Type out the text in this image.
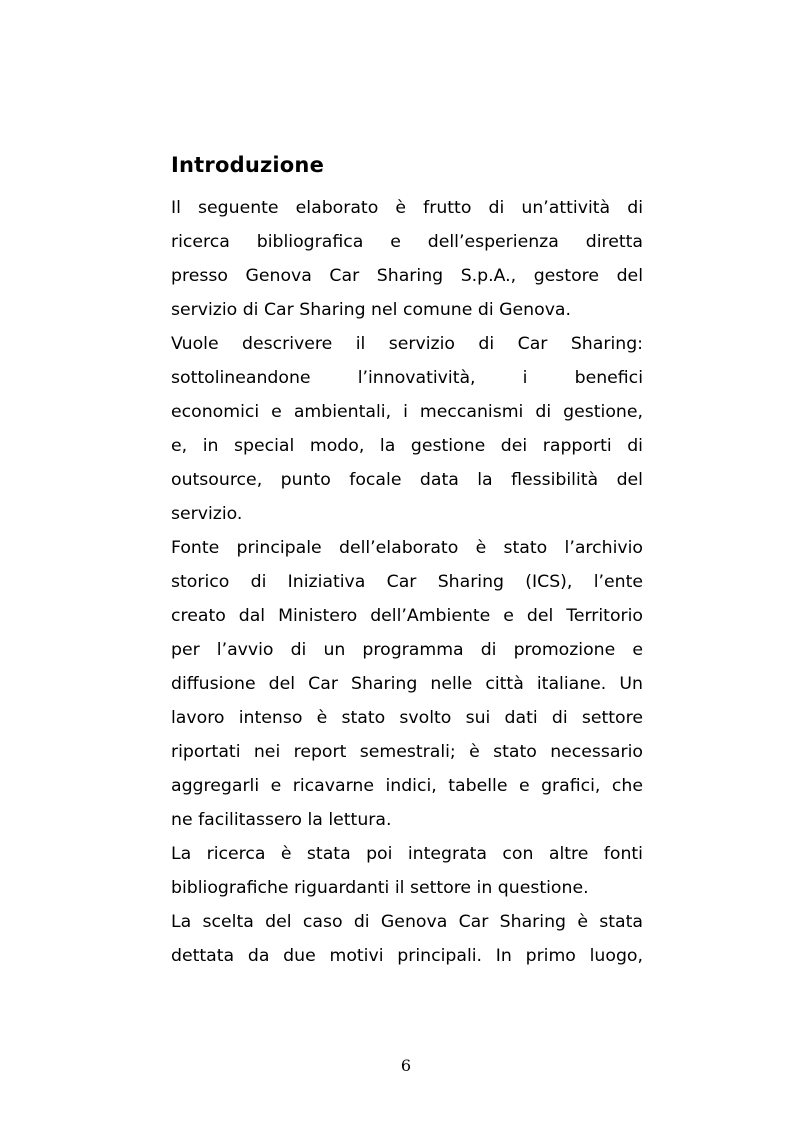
Introduzione
Il seguente elaborato è frutto di un’attività di
ricerca bibliografica e dell’esperienza diretta
presso Genova Car Sharing S.p.A., gestore del
servizio di Car Sharing nel comune di Genova.
Vuole descrivere il servizio di Car Sharing:
sottolineandone l’innovatività, i benefici
economici e ambientali, i meccanismi di gestione,
e, in special modo, la gestione dei rapporti di
outsource, punto focale data la flessibilità del
servizio.
Fonte principale dell’elaborato è stato l’archivio
storico di Iniziativa Car Sharing (ICS), l’ente
creato dal Ministero dell’Ambiente e del Territorio
per l’avvio di un programma di promozione e
diffusione del Car Sharing nelle città italiane. Un
lavoro intenso è stato svolto sui dati di settore
riportati nei report semestrali; è stato necessario
aggregarli e ricavarne indici, tabelle e grafici, che
ne facilitassero la lettura.
La ricerca è stata poi integrata con altre fonti
bibliografiche riguardanti il settore in questione.
La scelta del caso di Genova Car Sharing è stata
dettata da due motivi principali. In primo luogo,
6
